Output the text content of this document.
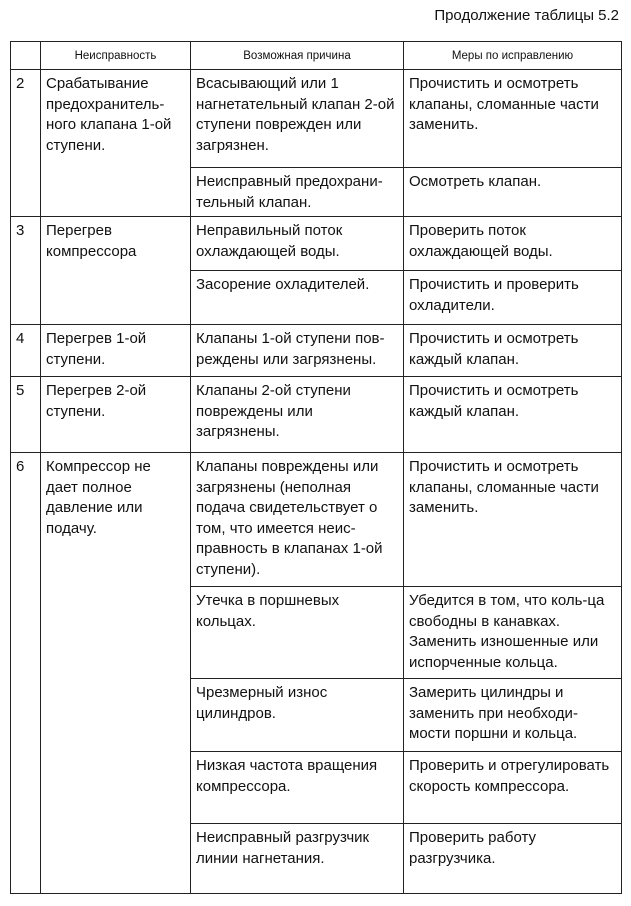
Продолжение таблицы 5.2
	Неисправность	Возможная причина	Меры по исправлению
2	Срабатывание предохранитель-ного клапана 1-ой ступени.	Всасывающий или 1 нагнетательный клапан 2-ой ступени поврежден или загрязнен.	Прочистить и осмотреть клапаны, сломанные части заменить.
		Неисправный предохрани-тельный клапан.	Осмотреть клапан.
3	Перегрев компрессора	Неправильный поток охлаждающей воды.	Проверить поток охлаждающей воды.
		Засорение охладителей.	Прочистить и проверить охладители.
4	Перегрев 1-ой ступени.	Клапаны 1-ой ступени пов-реждены или загрязнены.	Прочистить и осмотреть каждый клапан.
5	Перегрев 2-ой ступени.	Клапаны 2-ой ступени повреждены или загрязнены.	Прочистить и осмотреть каждый клапан.
6	Компрессор не дает полное давление или подачу.	Клапаны повреждены или загрязнены (неполная подача свидетельствует о том, что имеется неис-правность в клапанах 1-ой ступени).	Прочистить и осмотреть клапаны, сломанные части заменить.
		Утечка в поршневых кольцах.	Убедится в том, что коль-ца свободны в канавках. Заменить изношенные или испорченные кольца.
		Чрезмерный износ цилиндров.	Замерить цилиндры и заменить при необходи-мости поршни и кольца.
		Низкая частота вращения компрессора.	Проверить и отрегулировать скорость компрессора.
		Неисправный разгрузчик линии нагнетания.	Проверить работу разгрузчика.
